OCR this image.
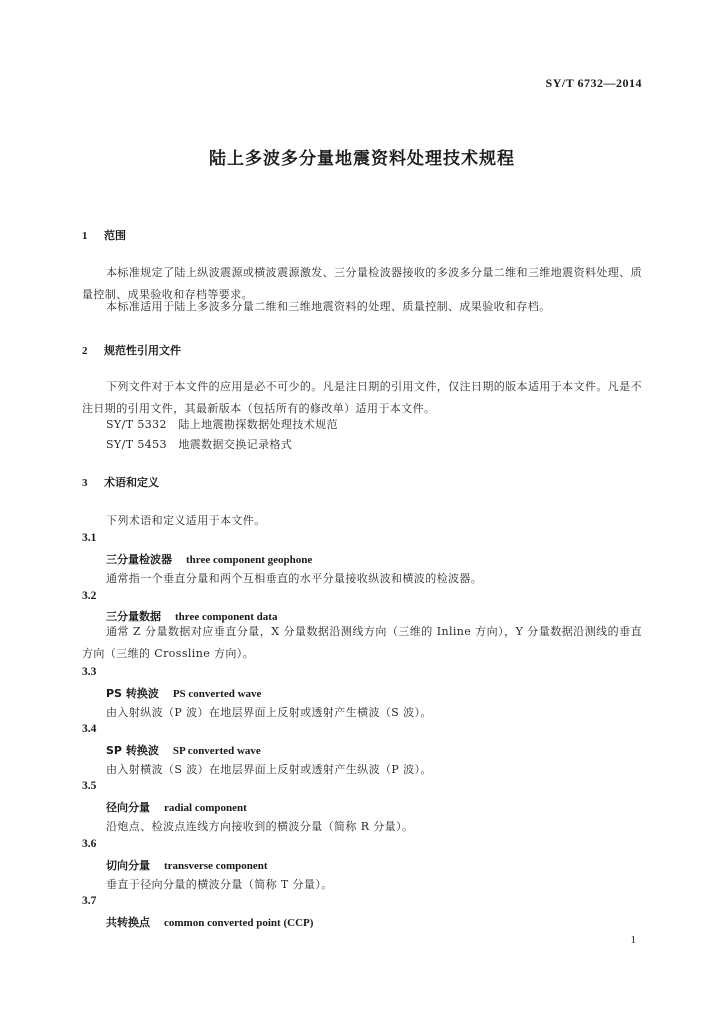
SY/T 6732—2014
陆上多波多分量地震资料处理技术规程
1 范围
本标准规定了陆上纵波震源或横波震源激发、三分量检波器接收的多波多分量二维和三维地震资料处理、质量控制、成果验收和存档等要求。
本标准适用于陆上多波多分量二维和三维地震资料的处理、质量控制、成果验收和存档。
2 规范性引用文件
下列文件对于本文件的应用是必不可少的。凡是注日期的引用文件，仅注日期的版本适用于本文件。凡是不注日期的引用文件，其最新版本（包括所有的修改单）适用于本文件。
SY/T 5332　陆上地震勘探数据处理技术规范
SY/T 5453　地震数据交换记录格式
3 术语和定义
下列术语和定义适用于本文件。
3.1
三分量检波器 three component geophone
通常指一个垂直分量和两个互相垂直的水平分量接收纵波和横波的检波器。
3.2
三分量数据 three component data
通常 Z 分量数据对应垂直分量，X 分量数据沿测线方向（三维的 Inline 方向），Y 分量数据沿测线的垂直方向（三维的 Crossline 方向）。
3.3
PS 转换波 PS converted wave
由入射纵波（P 波）在地层界面上反射或透射产生横波（S 波）。
3.4
SP 转换波 SP converted wave
由入射横波（S 波）在地层界面上反射或透射产生纵波（P 波）。
3.5
径向分量 radial component
沿炮点、检波点连线方向接收到的横波分量（简称 R 分量）。
3.6
切向分量 transverse component
垂直于径向分量的横波分量（简称 T 分量）。
3.7
共转换点 common converted point (CCP)
1
